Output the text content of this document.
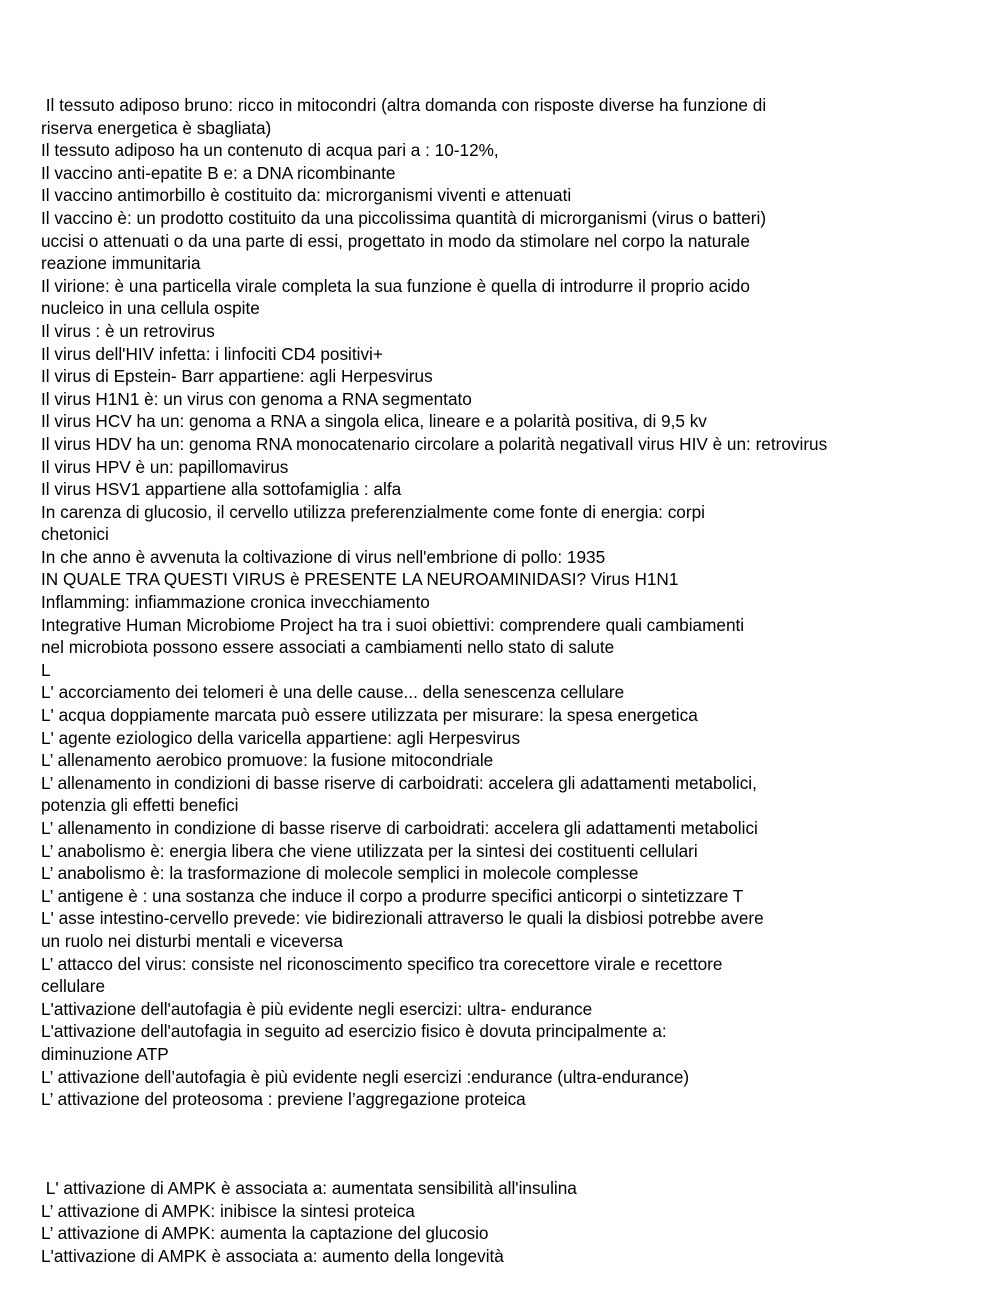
Il tessuto adiposo bruno: ricco in mitocondri (altra domanda con risposte diverse ha funzione di
riserva energetica è sbagliata)
Il tessuto adiposo ha un contenuto di acqua pari a : 10-12%,
Il vaccino anti-epatite B e: a DNA ricombinante
Il vaccino antimorbillo è costituito da: microrganismi viventi e attenuati
Il vaccino è: un prodotto costituito da una piccolissima quantità di microrganismi (virus o batteri)
uccisi o attenuati o da una parte di essi, progettato in modo da stimolare nel corpo la naturale
reazione immunitaria
Il virione: è una particella virale completa la sua funzione è quella di introdurre il proprio acido
nucleico in una cellula ospite
Il virus : è un retrovirus
Il virus dell'HIV infetta: i linfociti CD4 positivi+
Il virus di Epstein- Barr appartiene: agli Herpesvirus
Il virus H1N1 è: un virus con genoma a RNA segmentato
Il virus HCV ha un: genoma a RNA a singola elica, lineare e a polarità positiva, di 9,5 kv
Il virus HDV ha un: genoma RNA monocatenario circolare a polarità negativaIl virus HIV è un: retrovirus
Il virus HPV è un: papillomavirus
Il virus HSV1 appartiene alla sottofamiglia : alfa
In carenza di glucosio, il cervello utilizza preferenzialmente come fonte di energia: corpi
chetonici
In che anno è avvenuta la coltivazione di virus nell'embrione di pollo: 1935
IN QUALE TRA QUESTI VIRUS è PRESENTE LA NEUROAMINIDASI? Virus H1N1
Inflamming: infiammazione cronica invecchiamento
Integrative Human Microbiome Project ha tra i suoi obiettivi: comprendere quali cambiamenti
nel microbiota possono essere associati a cambiamenti nello stato di salute
L
L' accorciamento dei telomeri è una delle cause... della senescenza cellulare
L' acqua doppiamente marcata può essere utilizzata per misurare: la spesa energetica
L' agente eziologico della varicella appartiene: agli Herpesvirus
L’ allenamento aerobico promuove: la fusione mitocondriale
L’ allenamento in condizioni di basse riserve di carboidrati: accelera gli adattamenti metabolici,
potenzia gli effetti benefici
L’ allenamento in condizione di basse riserve di carboidrati: accelera gli adattamenti metabolici
L’ anabolismo è: energia libera che viene utilizzata per la sintesi dei costituenti cellulari
L’ anabolismo è: la trasformazione di molecole semplici in molecole complesse
L’ antigene è : una sostanza che induce il corpo a produrre specifici anticorpi o sintetizzare T
L' asse intestino-cervello prevede: vie bidirezionali attraverso le quali la disbiosi potrebbe avere
un ruolo nei disturbi mentali e viceversa
L’ attacco del virus: consiste nel riconoscimento specifico tra corecettore virale e recettore
cellulare
L'attivazione dell'autofagia è più evidente negli esercizi: ultra- endurance
L'attivazione dell'autofagia in seguito ad esercizio fisico è dovuta principalmente a:
diminuzione ATP
L’ attivazione dell’autofagia è più evidente negli esercizi :endurance (ultra-endurance)
L’ attivazione del proteosoma : previene l’aggregazione proteica
L' attivazione di AMPK è associata a: aumentata sensibilità all'insulina
L’ attivazione di AMPK: inibisce la sintesi proteica
L’ attivazione di AMPK: aumenta la captazione del glucosio
L'attivazione di AMPK è associata a: aumento della longevità
